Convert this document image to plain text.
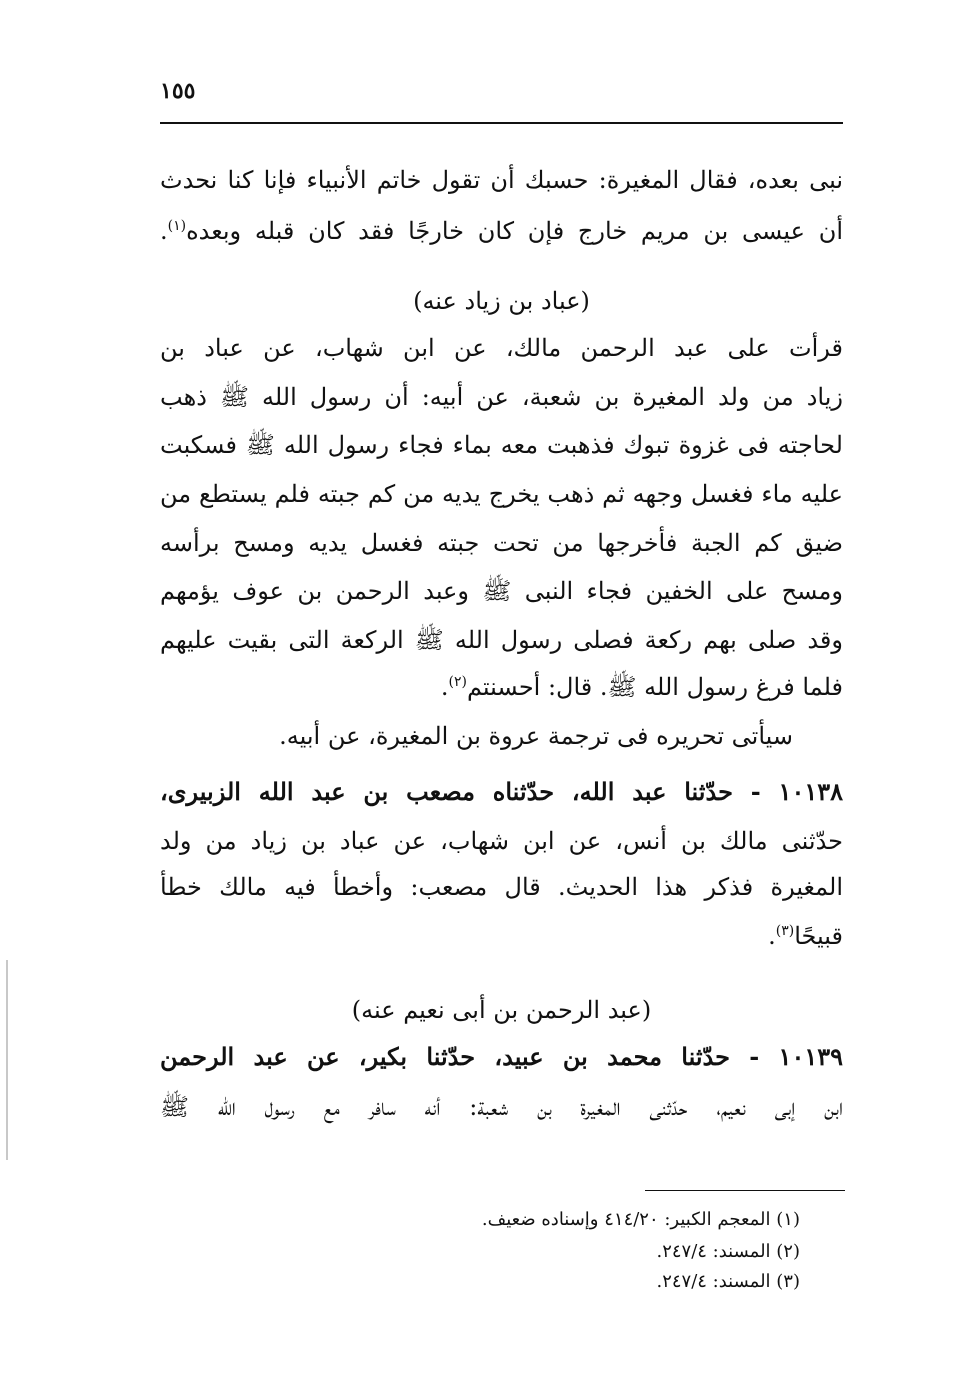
١٥٥
نبى بعده، فقال المغيرة: حسبك أن تقول خاتم الأنبياء فإنا كنا نحدث
أن عيسى بن مريم خارج فإن كان خارجًا فقد كان قبله وبعده$^{(١)}$.
(عباد بن زياد عنه)
قرأت على عبد الرحمن مالك، عن ابن شهاب، عن عباد بن
زياد من ولد المغيرة بن شعبة، عن أبيه: أن رسول الله ﷺ ذهب
لحاجته فى غزوة تبوك فذهبت معه بماء فجاء رسول الله ﷺ فسكبت
عليه ماء فغسل وجهه ثم ذهب يخرج يديه من كم جبته فلم يستطع من
ضيق كم الجبة فأخرجها من تحت جبته فغسل يديه ومسح برأسه
ومسح على الخفين فجاء النبى ﷺ وعبد الرحمن بن عوف يؤمهم
وقد صلى بهم ركعة فصلى رسول الله ﷺ الركعة التى بقيت عليهم
فلما فرغ رسول الله ﷺ. قال: أحسنتم$^{(٢)}$.
سيأتى تحريره فى ترجمة عروة بن المغيرة، عن أبيه.
١٠١٣٨ - حدّثنا عبد الله، حدّثناه مصعب بن عبد الله الزبيرى،
حدّثنى مالك بن أنس، عن ابن شهاب، عن عباد بن زياد من ولد
المغيرة فذكر هذا الحديث. قال مصعب: وأخطأ فيه مالك خطأ
قبيحًا$^{(٣)}$.
(عبد الرحمن بن أبى نعيم عنه)
١٠١٣٩ - حدّثنا محمد بن عبيد، حدّثنا بكير، عن عبد الرحمن
ابن إبى نعيم، حدّثنى المغيرة بن شعبة: أنه سافر مع رسول الله ﷺ
(١) المعجم الكبير: ٤١٤/٢٠ وإسناده ضعيف.
(٢) المسند: ٢٤٧/٤.
(٣) المسند: ٢٤٧/٤.
